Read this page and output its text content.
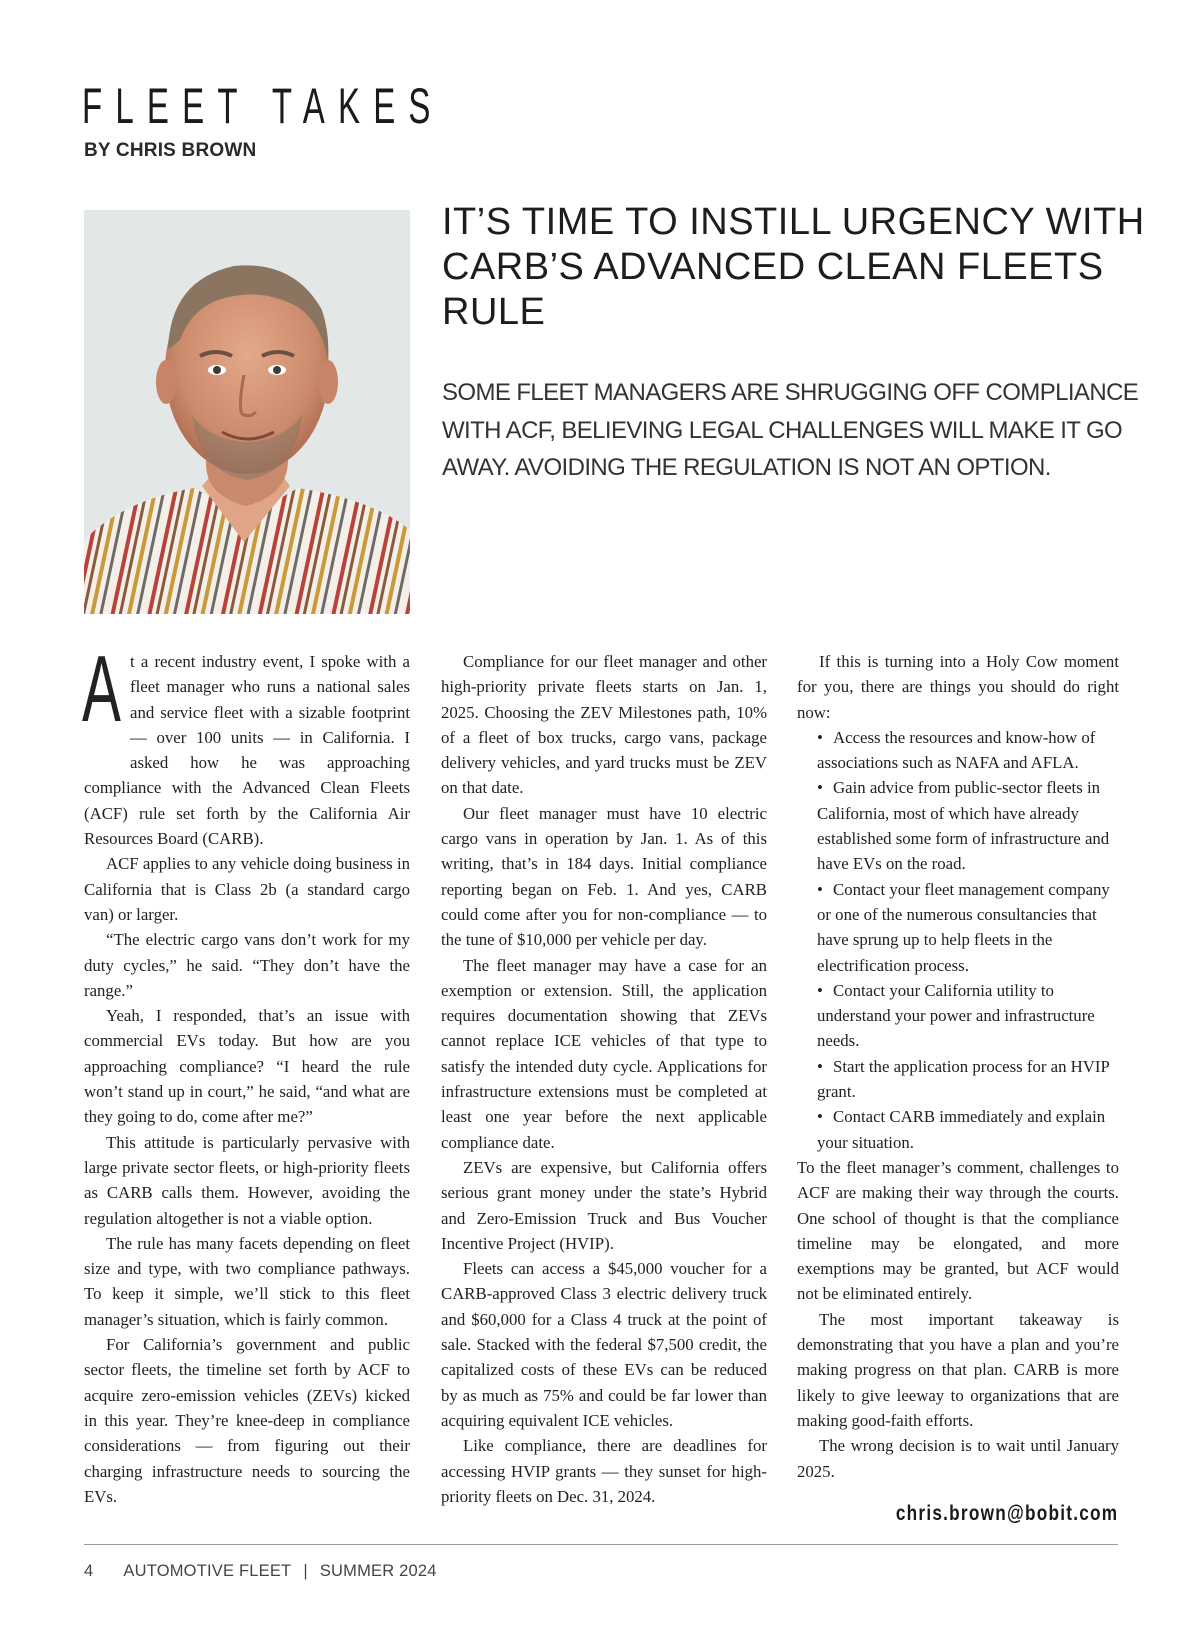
FLEET TAKES
BY CHRIS BROWN
IT’S TIME TO INSTILL URGENCY WITH CARB’S ADVANCED CLEAN FLEETS RULE
SOME FLEET MANAGERS ARE SHRUGGING OFF COMPLIANCE WITH ACF, BELIEVING LEGAL CHALLENGES WILL MAKE IT GO AWAY. AVOIDING THE REGULATION IS NOT AN OPTION.

At a recent industry event, I spoke with a fleet manager who runs a national sales and service fleet with a sizable footprint — over 100 units — in California. I asked how he was approaching compliance with the Advanced Clean Fleets (ACF) rule set forth by the California Air Resources Board (CARB).

ACF applies to any vehicle doing business in California that is Class 2b (a standard cargo van) or larger.

“The electric cargo vans don’t work for my duty cycles,” he said. “They don’t have the range.”

Yeah, I responded, that’s an issue with commercial EVs today. But how are you approaching compliance? “I heard the rule won’t stand up in court,” he said, “and what are they going to do, come after me?”

This attitude is particularly pervasive with large private sector fleets, or high-priority fleets as CARB calls them. However, avoiding the regulation altogether is not a viable option.

The rule has many facets depending on fleet size and type, with two compliance pathways. To keep it simple, we’ll stick to this fleet manager’s situation, which is fairly common.

For California’s government and public sector fleets, the timeline set forth by ACF to acquire zero-emission vehicles (ZEVs) kicked in this year. They’re knee-deep in compliance considerations — from figuring out their charging infrastructure needs to sourcing the EVs.

Compliance for our fleet manager and other high-priority private fleets starts on Jan. 1, 2025. Choosing the ZEV Milestones path, 10% of a fleet of box trucks, cargo vans, package delivery vehicles, and yard trucks must be ZEV on that date.

Our fleet manager must have 10 electric cargo vans in operation by Jan. 1. As of this writing, that’s in 184 days. Initial compliance reporting began on Feb. 1. And yes, CARB could come after you for non-compliance — to the tune of $10,000 per vehicle per day.

The fleet manager may have a case for an exemption or extension. Still, the application requires documentation showing that ZEVs cannot replace ICE vehicles of that type to satisfy the intended duty cycle. Applications for infrastructure extensions must be completed at least one year before the next applicable compliance date.

ZEVs are expensive, but California offers serious grant money under the state’s Hybrid and Zero-Emission Truck and Bus Voucher Incentive Project (HVIP).

Fleets can access a $45,000 voucher for a CARB-approved Class 3 electric delivery truck and $60,000 for a Class 4 truck at the point of sale. Stacked with the federal $7,500 credit, the capitalized costs of these EVs can be reduced by as much as 75% and could be far lower than acquiring equivalent ICE vehicles.

Like compliance, there are deadlines for accessing HVIP grants — they sunset for high-priority fleets on Dec. 31, 2024.

If this is turning into a Holy Cow moment for you, there are things you should do right now:

• Access the resources and know-how of associations such as NAFA and AFLA.
• Gain advice from public-sector fleets in California, most of which have already established some form of infrastructure and have EVs on the road.
• Contact your fleet management company or one of the numerous consultancies that have sprung up to help fleets in the electrification process.
• Contact your California utility to understand your power and infrastructure needs.
• Start the application process for an HVIP grant.
• Contact CARB immediately and explain your situation.

To the fleet manager’s comment, challenges to ACF are making their way through the courts. One school of thought is that the compliance timeline may be elongated, and more exemptions may be granted, but ACF would not be eliminated entirely.

The most important takeaway is demonstrating that you have a plan and you’re making progress on that plan. CARB is more likely to give leeway to organizations that are making good-faith efforts.

The wrong decision is to wait until January 2025.

chris.brown@bobit.com
4 AUTOMOTIVE FLEET | SUMMER 2024
